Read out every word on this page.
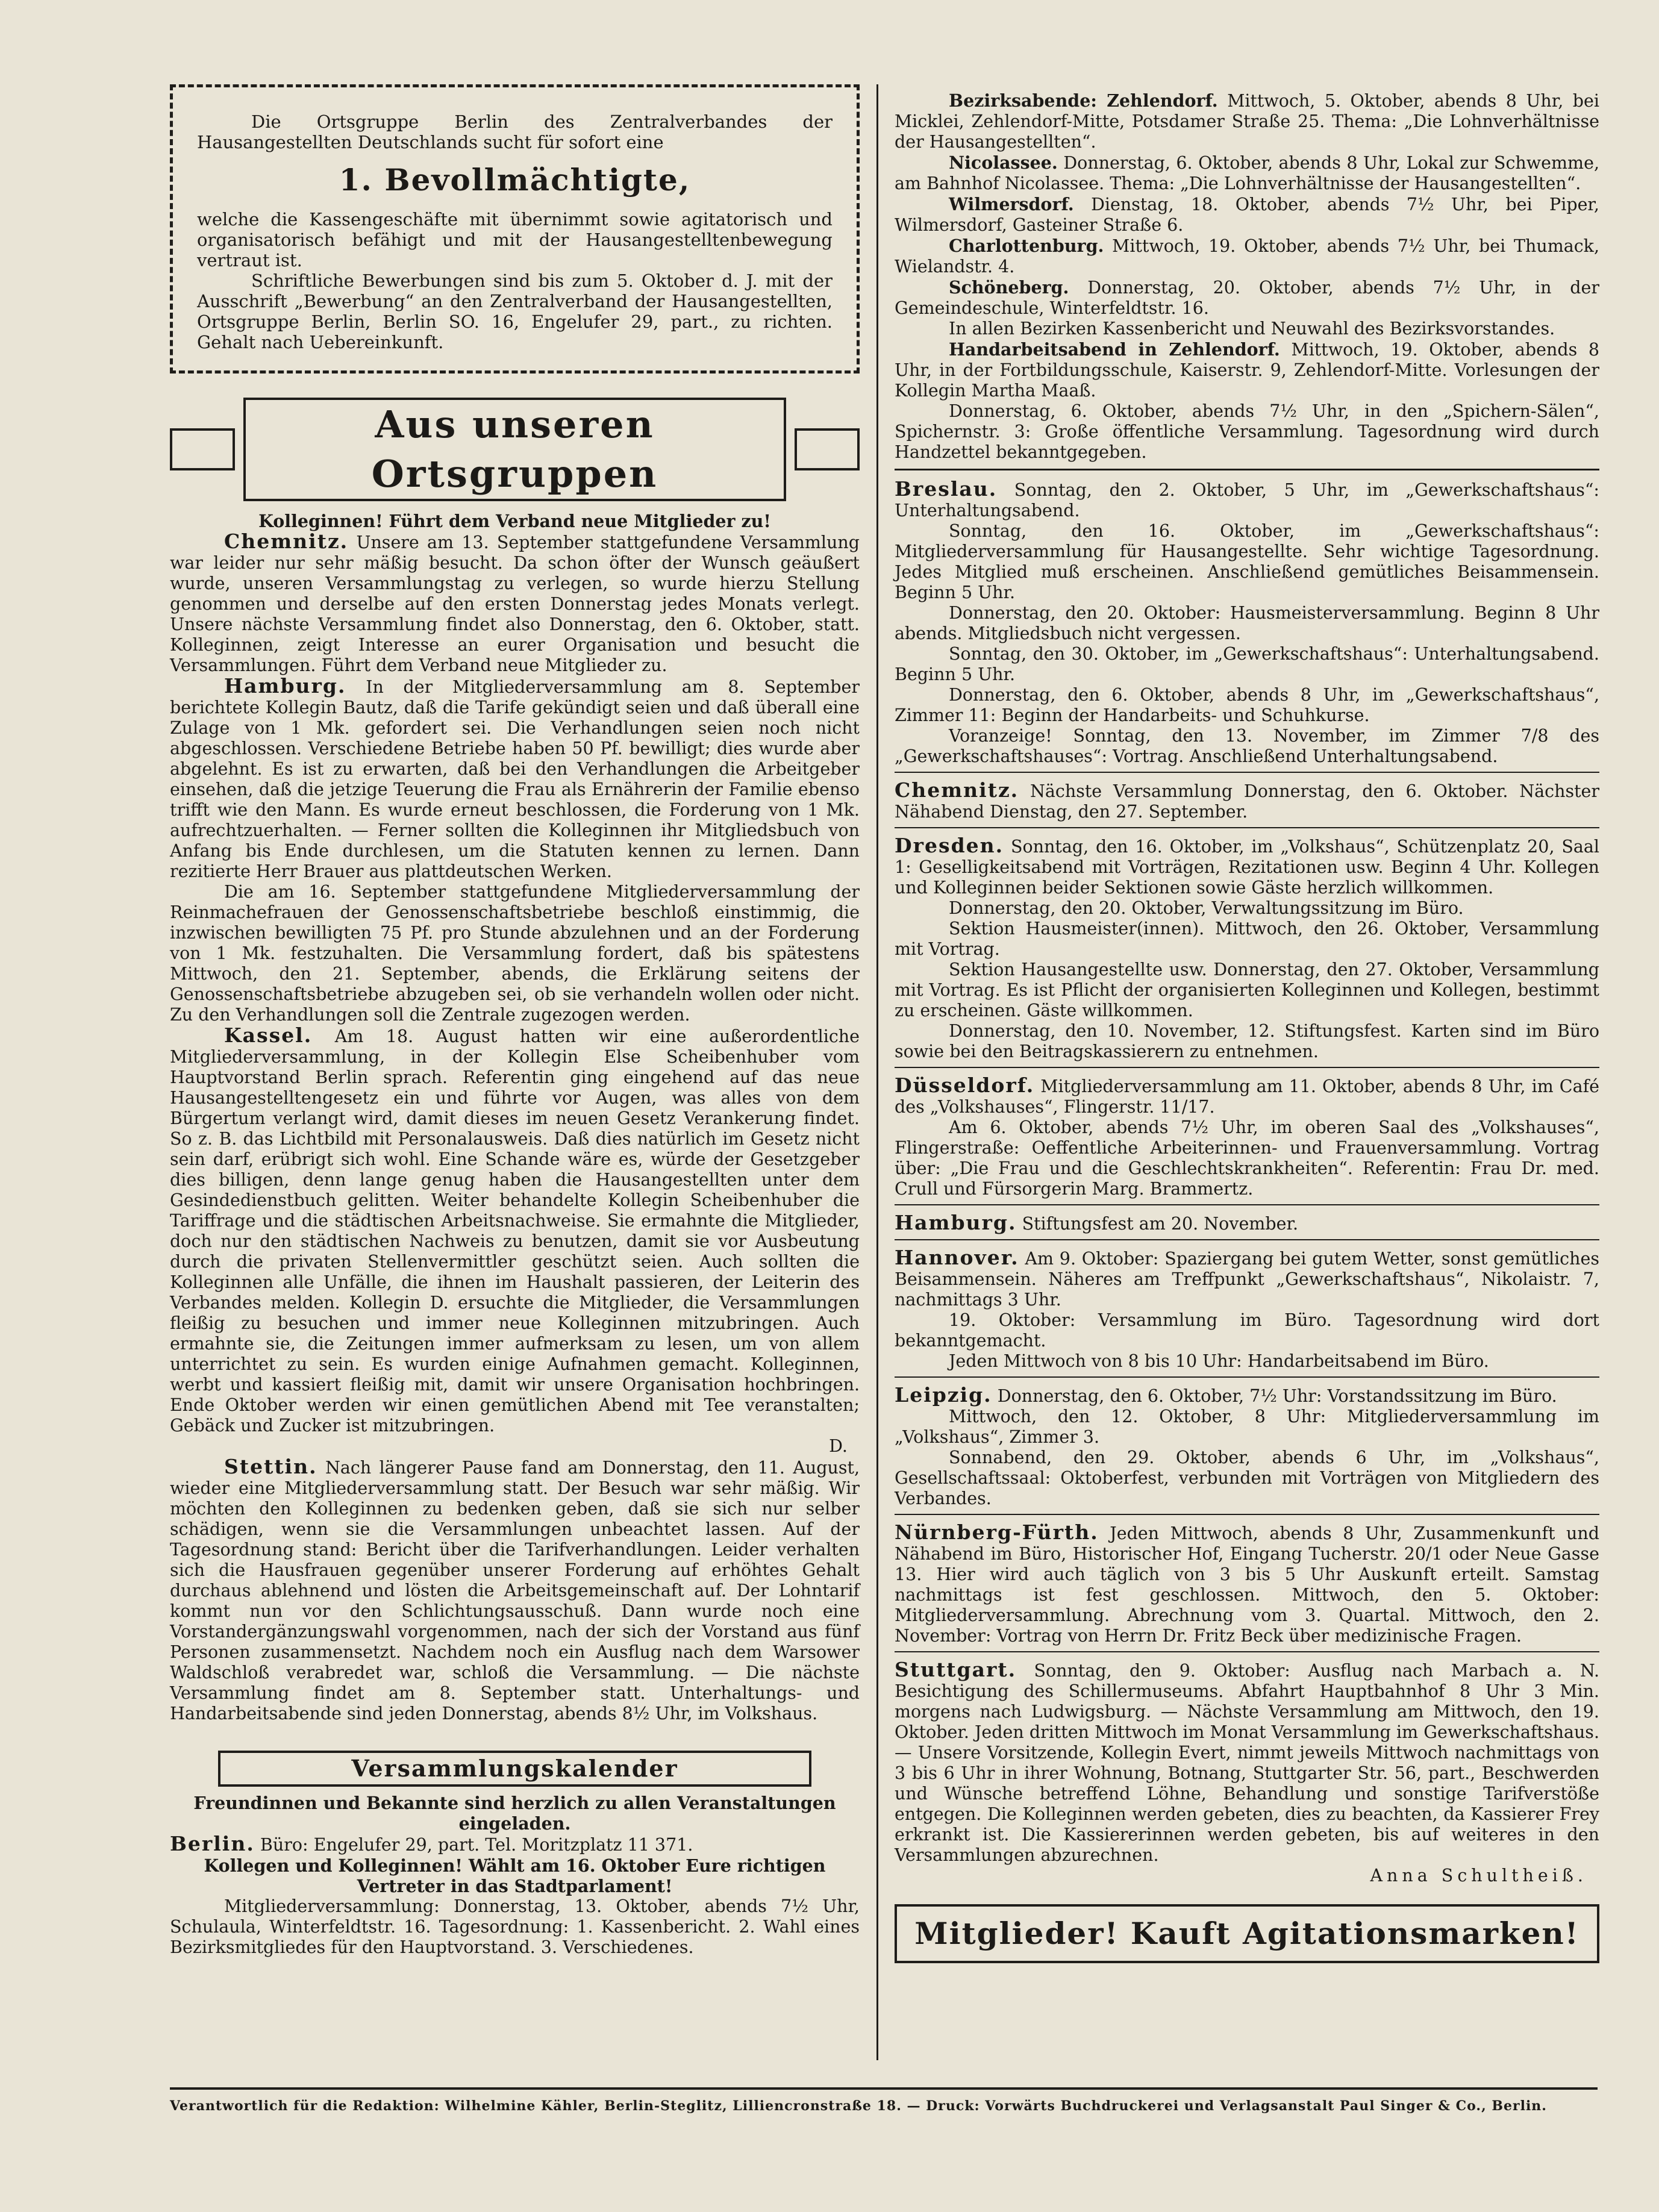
Die Ortsgruppe Berlin des Zentralverbandes der Hausangestellten Deutschlands sucht für sofort eine

1. Bevollmächtigte,

welche die Kassengeschäfte mit übernimmt sowie agitatorisch und organisatorisch befähigt und mit der Hausangestelltenbewegung vertraut ist.

Schriftliche Bewerbungen sind bis zum 5. Oktober d. J. mit der Ausschrift „Bewerbung“ an den Zentralverband der Hausangestellten, Ortsgruppe Berlin, Berlin SO. 16, Engelufer 29, part., zu richten. Gehalt nach Uebereinkunft.

Aus unseren Ortsgruppen

Kolleginnen! Führt dem Verband neue Mitglieder zu!

Chemnitz. Unsere am 13. September stattgefundene Versammlung war leider nur sehr mäßig besucht. Da schon öfter der Wunsch geäußert wurde, unseren Versammlungstag zu verlegen, so wurde hierzu Stellung genommen und derselbe auf den ersten Donnerstag jedes Monats verlegt. Unsere nächste Versammlung findet also Donnerstag, den 6. Oktober, statt. Kolleginnen, zeigt Interesse an eurer Organisation und besucht die Versammlungen. Führt dem Verband neue Mitglieder zu.

Hamburg. In der Mitgliederversammlung am 8. September berichtete Kollegin Bautz, daß die Tarife gekündigt seien und daß überall eine Zulage von 1 Mk. gefordert sei. Die Verhandlungen seien noch nicht abgeschlossen. Verschiedene Betriebe haben 50 Pf. bewilligt; dies wurde aber abgelehnt. Es ist zu erwarten, daß bei den Verhandlungen die Arbeitgeber einsehen, daß die jetzige Teuerung die Frau als Ernährerin der Familie ebenso trifft wie den Mann. Es wurde erneut beschlossen, die Forderung von 1 Mk. aufrechtzuerhalten. — Ferner sollten die Kolleginnen ihr Mitgliedsbuch von Anfang bis Ende durchlesen, um die Statuten kennen zu lernen. Dann rezitierte Herr Brauer aus plattdeutschen Werken.

Die am 16. September stattgefundene Mitgliederversammlung der Reinmachefrauen der Genossenschaftsbetriebe beschloß einstimmig, die inzwischen bewilligten 75 Pf. pro Stunde abzulehnen und an der Forderung von 1 Mk. festzuhalten. Die Versammlung fordert, daß bis spätestens Mittwoch, den 21. September, abends, die Erklärung seitens der Genossenschaftsbetriebe abzugeben sei, ob sie verhandeln wollen oder nicht. Zu den Verhandlungen soll die Zentrale zugezogen werden.

Kassel. Am 18. August hatten wir eine außerordentliche Mitgliederversammlung, in der Kollegin Else Scheibenhuber vom Hauptvorstand Berlin sprach. Referentin ging eingehend auf das neue Hausangestelltengesetz ein und führte vor Augen, was alles von dem Bürgertum verlangt wird, damit dieses im neuen Gesetz Verankerung findet. So z. B. das Lichtbild mit Personalausweis. Daß dies natürlich im Gesetz nicht sein darf, erübrigt sich wohl. Eine Schande wäre es, würde der Gesetzgeber dies billigen, denn lange genug haben die Hausangestellten unter dem Gesindedienstbuch gelitten. Weiter behandelte Kollegin Scheibenhuber die Tariffrage und die städtischen Arbeitsnachweise. Sie ermahnte die Mitglieder, doch nur den städtischen Nachweis zu benutzen, damit sie vor Ausbeutung durch die privaten Stellenvermittler geschützt seien. Auch sollten die Kolleginnen alle Unfälle, die ihnen im Haushalt passieren, der Leiterin des Verbandes melden. Kollegin D. ersuchte die Mitglieder, die Versammlungen fleißig zu besuchen und immer neue Kolleginnen mitzubringen. Auch ermahnte sie, die Zeitungen immer aufmerksam zu lesen, um von allem unterrichtet zu sein. Es wurden einige Aufnahmen gemacht. Kolleginnen, werbt und kassiert fleißig mit, damit wir unsere Organisation hochbringen. Ende Oktober werden wir einen gemütlichen Abend mit Tee veranstalten; Gebäck und Zucker ist mitzubringen.

D.

Stettin. Nach längerer Pause fand am Donnerstag, den 11. August, wieder eine Mitgliederversammlung statt. Der Besuch war sehr mäßig. Wir möchten den Kolleginnen zu bedenken geben, daß sie sich nur selber schädigen, wenn sie die Versammlungen unbeachtet lassen. Auf der Tagesordnung stand: Bericht über die Tarifverhandlungen. Leider verhalten sich die Hausfrauen gegenüber unserer Forderung auf erhöhtes Gehalt durchaus ablehnend und lösten die Arbeitsgemeinschaft auf. Der Lohntarif kommt nun vor den Schlichtungsausschuß. Dann wurde noch eine Vorstandergänzungswahl vorgenommen, nach der sich der Vorstand aus fünf Personen zusammensetzt. Nachdem noch ein Ausflug nach dem Warsower Waldschloß verabredet war, schloß die Versammlung. — Die nächste Versammlung findet am 8. September statt. Unterhaltungs- und Handarbeitsabende sind jeden Donnerstag, abends 8½ Uhr, im Volkshaus.

Versammlungskalender

Freundinnen und Bekannte sind herzlich zu allen Veranstaltungen eingeladen.

Berlin. Büro: Engelufer 29, part. Tel. Moritzplatz 11 371.

Kollegen und Kolleginnen! Wählt am 16. Oktober Eure richtigen Vertreter in das Stadtparlament!

Mitgliederversammlung: Donnerstag, 13. Oktober, abends 7½ Uhr, Schulaula, Winterfeldtstr. 16. Tagesordnung: 1. Kassenbericht. 2. Wahl eines Bezirksmitgliedes für den Hauptvorstand. 3. Verschiedenes.

Bezirksabende: Zehlendorf. Mittwoch, 5. Oktober, abends 8 Uhr, bei Micklei, Zehlendorf-Mitte, Potsdamer Straße 25. Thema: „Die Lohnverhältnisse der Hausangestellten“.

Nicolassee. Donnerstag, 6. Oktober, abends 8 Uhr, Lokal zur Schwemme, am Bahnhof Nicolassee. Thema: „Die Lohnverhältnisse der Hausangestellten“.

Wilmersdorf. Dienstag, 18. Oktober, abends 7½ Uhr, bei Piper, Wilmersdorf, Gasteiner Straße 6.

Charlottenburg. Mittwoch, 19. Oktober, abends 7½ Uhr, bei Thumack, Wielandstr. 4.

Schöneberg. Donnerstag, 20. Oktober, abends 7½ Uhr, in der Gemeindeschule, Winterfeldtstr. 16.

In allen Bezirken Kassenbericht und Neuwahl des Bezirksvorstandes.

Handarbeitsabend in Zehlendorf. Mittwoch, 19. Oktober, abends 8 Uhr, in der Fortbildungsschule, Kaiserstr. 9, Zehlendorf-Mitte. Vorlesungen der Kollegin Martha Maaß.

Donnerstag, 6. Oktober, abends 7½ Uhr, in den „Spichern-Sälen“, Spichernstr. 3: Große öffentliche Versammlung. Tagesordnung wird durch Handzettel bekanntgegeben.

Breslau. Sonntag, den 2. Oktober, 5 Uhr, im „Gewerkschaftshaus“: Unterhaltungsabend.

Sonntag, den 16. Oktober, im „Gewerkschaftshaus“: Mitgliederversammlung für Hausangestellte. Sehr wichtige Tagesordnung. Jedes Mitglied muß erscheinen. Anschließend gemütliches Beisammensein. Beginn 5 Uhr.

Donnerstag, den 20. Oktober: Hausmeisterversammlung. Beginn 8 Uhr abends. Mitgliedsbuch nicht vergessen.

Sonntag, den 30. Oktober, im „Gewerkschaftshaus“: Unterhaltungsabend. Beginn 5 Uhr.

Donnerstag, den 6. Oktober, abends 8 Uhr, im „Gewerkschaftshaus“, Zimmer 11: Beginn der Handarbeits- und Schuhkurse.

Voranzeige! Sonntag, den 13. November, im Zimmer 7/8 des „Gewerkschaftshauses“: Vortrag. Anschließend Unterhaltungsabend.

Chemnitz. Nächste Versammlung Donnerstag, den 6. Oktober. Nächster Nähabend Dienstag, den 27. September.

Dresden. Sonntag, den 16. Oktober, im „Volkshaus“, Schützenplatz 20, Saal 1: Geselligkeitsabend mit Vorträgen, Rezitationen usw. Beginn 4 Uhr. Kollegen und Kolleginnen beider Sektionen sowie Gäste herzlich willkommen.

Donnerstag, den 20. Oktober, Verwaltungssitzung im Büro.

Sektion Hausmeister(innen). Mittwoch, den 26. Oktober, Versammlung mit Vortrag.

Sektion Hausangestellte usw. Donnerstag, den 27. Oktober, Versammlung mit Vortrag. Es ist Pflicht der organisierten Kolleginnen und Kollegen, bestimmt zu erscheinen. Gäste willkommen.

Donnerstag, den 10. November, 12. Stiftungsfest. Karten sind im Büro sowie bei den Beitragskassierern zu entnehmen.

Düsseldorf. Mitgliederversammlung am 11. Oktober, abends 8 Uhr, im Café des „Volkshauses“, Flingerstr. 11/17.

Am 6. Oktober, abends 7½ Uhr, im oberen Saal des „Volkshauses“, Flingerstraße: Oeffentliche Arbeiterinnen- und Frauenversammlung. Vortrag über: „Die Frau und die Geschlechtskrankheiten“. Referentin: Frau Dr. med. Crull und Fürsorgerin Marg. Brammertz.

Hamburg. Stiftungsfest am 20. November.

Hannover. Am 9. Oktober: Spaziergang bei gutem Wetter, sonst gemütliches Beisammensein. Näheres am Treffpunkt „Gewerkschaftshaus“, Nikolaistr. 7, nachmittags 3 Uhr.

19. Oktober: Versammlung im Büro. Tagesordnung wird dort bekanntgemacht.

Jeden Mittwoch von 8 bis 10 Uhr: Handarbeitsabend im Büro.

Leipzig. Donnerstag, den 6. Oktober, 7½ Uhr: Vorstandssitzung im Büro.

Mittwoch, den 12. Oktober, 8 Uhr: Mitgliederversammlung im „Volkshaus“, Zimmer 3.

Sonnabend, den 29. Oktober, abends 6 Uhr, im „Volkshaus“, Gesellschaftssaal: Oktoberfest, verbunden mit Vorträgen von Mitgliedern des Verbandes.

Nürnberg-Fürth. Jeden Mittwoch, abends 8 Uhr, Zusammenkunft und Nähabend im Büro, Historischer Hof, Eingang Tucherstr. 20/1 oder Neue Gasse 13. Hier wird auch täglich von 3 bis 5 Uhr Auskunft erteilt. Samstag nachmittags ist fest geschlossen. Mittwoch, den 5. Oktober: Mitgliederversammlung. Abrechnung vom 3. Quartal. Mittwoch, den 2. November: Vortrag von Herrn Dr. Fritz Beck über medizinische Fragen.

Stuttgart. Sonntag, den 9. Oktober: Ausflug nach Marbach a. N. Besichtigung des Schillermuseums. Abfahrt Hauptbahnhof 8 Uhr 3 Min. morgens nach Ludwigsburg. — Nächste Versammlung am Mittwoch, den 19. Oktober. Jeden dritten Mittwoch im Monat Versammlung im Gewerkschaftshaus. — Unsere Vorsitzende, Kollegin Evert, nimmt jeweils Mittwoch nachmittags von 3 bis 6 Uhr in ihrer Wohnung, Botnang, Stuttgarter Str. 56, part., Beschwerden und Wünsche betreffend Löhne, Behandlung und sonstige Tarifverstöße entgegen. Die Kolleginnen werden gebeten, dies zu beachten, da Kassierer Frey erkrankt ist. Die Kassiererinnen werden gebeten, bis auf weiteres in den Versammlungen abzurechnen.

Anna Schultheiß.

Mitglieder! Kauft Agitationsmarken!
Verantwortlich für die Redaktion: Wilhelmine Kähler, Berlin-Steglitz, Lilliencronstraße 18. — Druck: Vorwärts Buchdruckerei und Verlagsanstalt Paul Singer & Co., Berlin.
